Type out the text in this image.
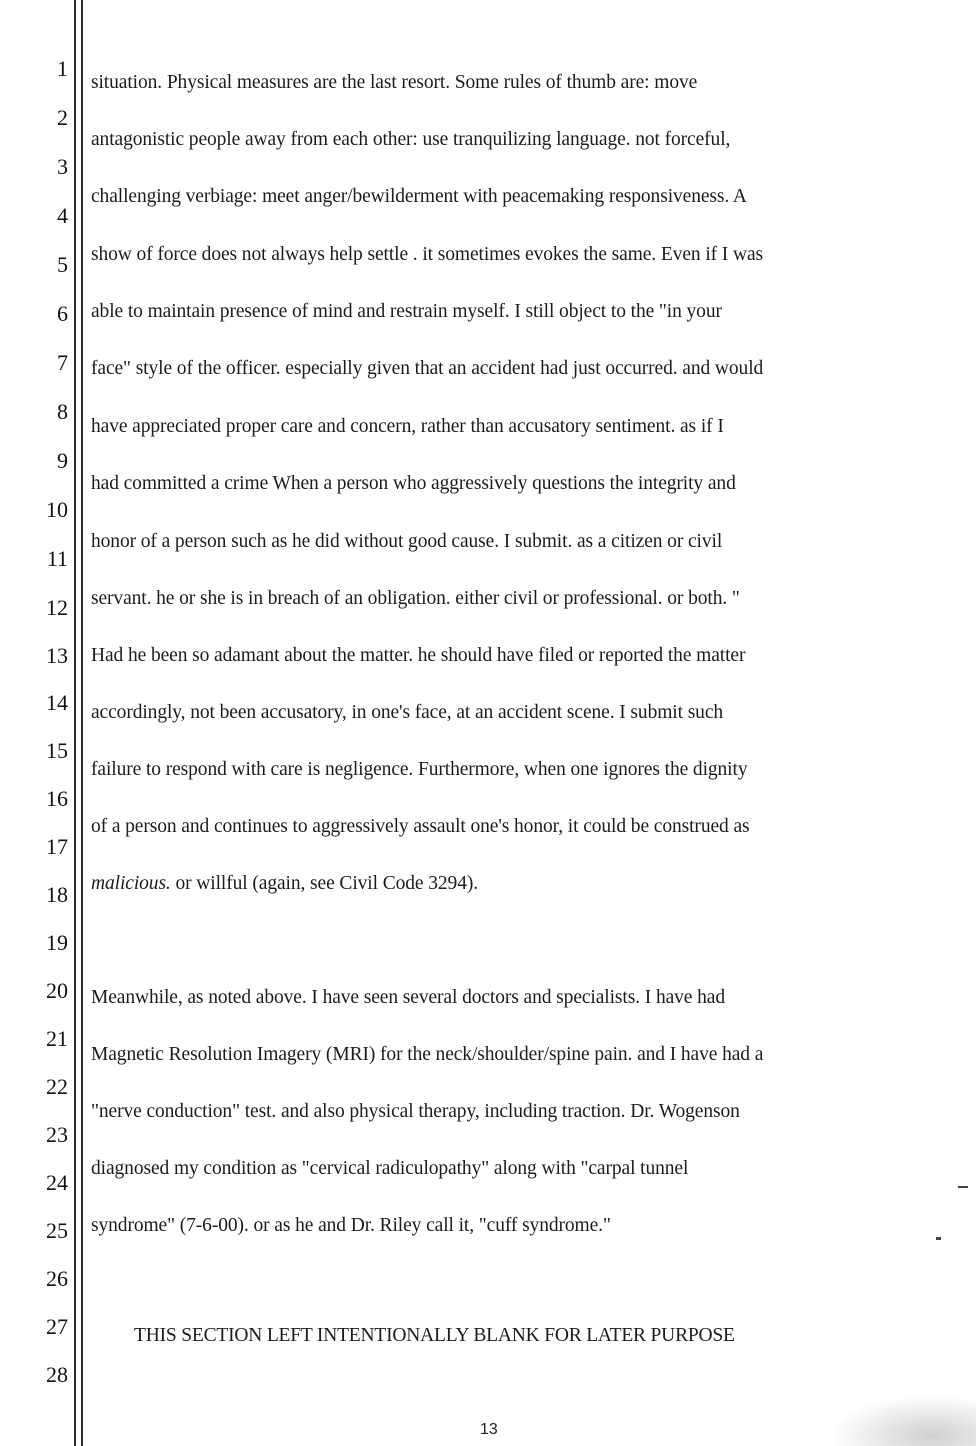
1
2
3
4
5
6
7
8
9
10
11
12
13
14
15
16
17
18
19
20
21
22
23
24
25
26
27
28
situation. Physical measures are the last resort. Some rules of thumb are: move
antagonistic people away from each other: use tranquilizing language. not forceful,
challenging verbiage: meet anger/bewilderment with peacemaking responsiveness. A
show of force does not always help settle . it sometimes evokes the same. Even if I was
able to maintain presence of mind and restrain myself. I still object to the "in your
face" style of the officer. especially given that an accident had just occurred. and would
have appreciated proper care and concern, rather than accusatory sentiment. as if I
had committed a crime When a person who aggressively questions the integrity and
honor of a person such as he did without good cause. I submit. as a citizen or civil
servant. he or she is in breach of an obligation. either civil or professional. or both. "
Had he been so adamant about the matter. he should have filed or reported the matter
accordingly, not been accusatory, in one's face, at an accident scene. I submit such
failure to respond with care is negligence. Furthermore, when one ignores the dignity
of a person and continues to aggressively assault one's honor, it could be construed as
malicious. or willful (again, see Civil Code 3294).
Meanwhile, as noted above. I have seen several doctors and specialists. I have had
Magnetic Resolution Imagery (MRI) for the neck/shoulder/spine pain. and I have had a
"nerve conduction" test. and also physical therapy, including traction. Dr. Wogenson
diagnosed my condition as "cervical radiculopathy" along with "carpal tunnel
syndrome" (7-6-00). or as he and Dr. Riley call it, "cuff syndrome."
THIS SECTION LEFT INTENTIONALLY BLANK FOR LATER PURPOSE
13
